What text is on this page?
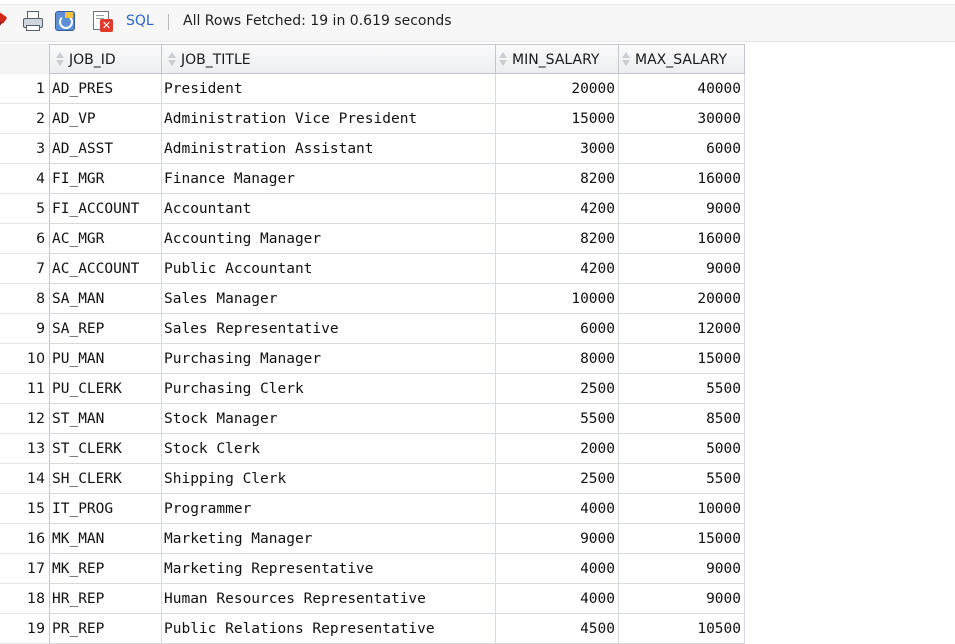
✕ SQL All Rows Fetched: 19 in 0.619 seconds
JOB_ID	JOB_TITLE	MIN_SALARY	MAX_SALARY
1 AD_PRES	President	20000	40000
2 AD_VP	Administration Vice President	15000	30000
3 AD_ASST	Administration Assistant	3000	6000
4 FI_MGR	Finance Manager	8200	16000
5 FI_ACCOUNT	Accountant	4200	9000
6 AC_MGR	Accounting Manager	8200	16000
7 AC_ACCOUNT	Public Accountant	4200	9000
8 SA_MAN	Sales Manager	10000	20000
9 SA_REP	Sales Representative	6000	12000
10 PU_MAN	Purchasing Manager	8000	15000
11 PU_CLERK	Purchasing Clerk	2500	5500
12 ST_MAN	Stock Manager	5500	8500
13 ST_CLERK	Stock Clerk	2000	5000
14 SH_CLERK	Shipping Clerk	2500	5500
15 IT_PROG	Programmer	4000	10000
16 MK_MAN	Marketing Manager	9000	15000
17 MK_REP	Marketing Representative	4000	9000
18 HR_REP	Human Resources Representative	4000	9000
19 PR_REP	Public Relations Representative	4500	10500
